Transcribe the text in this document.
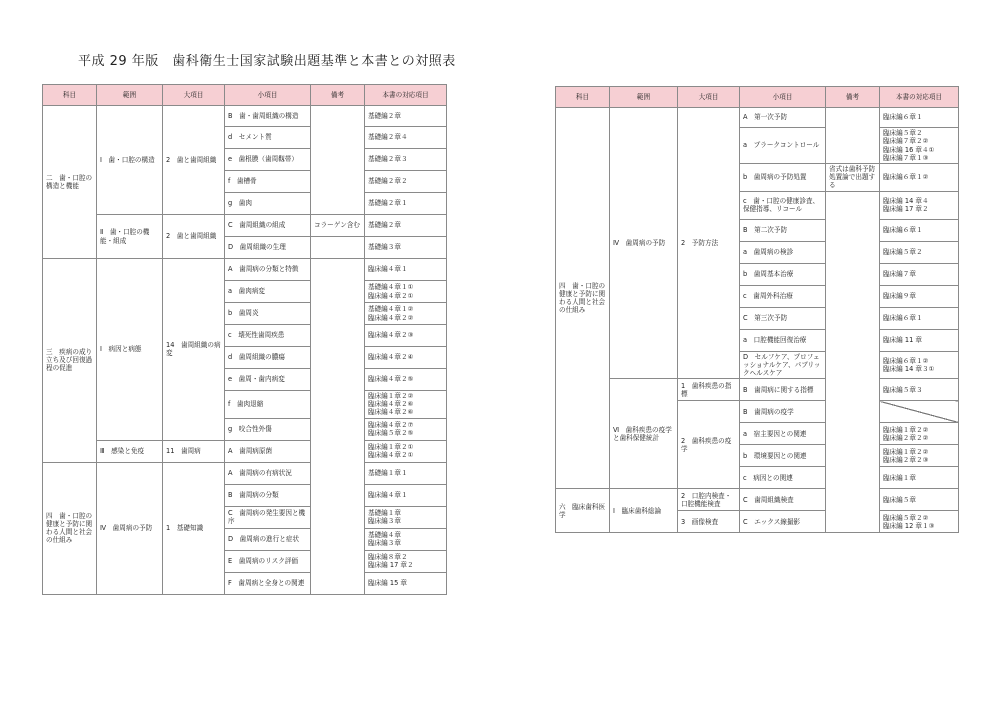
平成 29 年版　歯科衛生士国家試験出題基準と本書との対照表
科目	範囲	大項目	小項目	備考	本書の対応項目
二　歯・口腔の構造と機能	Ⅰ　歯・口腔の構造	2　歯と歯周組織	B　歯・歯周組織の構造		基礎編２章
			d　セメント質		基礎編２章４
			e　歯根膜（歯周靱帯）		基礎編２章３
			f　歯槽骨		基礎編２章２
			g　歯肉		基礎編２章１
	Ⅱ　歯・口腔の機能・組成	2　歯と歯周組織	C　歯周組織の組成	コラーゲン含む	基礎編２章
			D　歯周組織の生理		基礎編３章
三　疾病の成り立ち及び回復過程の促進	Ⅰ　病因と病態	14　歯周組織の病変	A　歯周病の分類と特徴		臨床編４章１
			a　歯肉病変		基礎編４章１①
臨床編４章２①
			b　歯周炎		基礎編４章１②
臨床編４章２②
			c　壊死性歯周疾患		臨床編４章２③
			d　歯周組織の膿瘍		臨床編４章２④
			e　歯周・歯内病変		臨床編４章２⑤
			f　歯肉退縮		臨床編１章２②
臨床編４章２⑥
臨床編４章２⑥
			g　咬合性外傷		臨床編４章２⑦
臨床編５章２⑤
	Ⅲ　感染と免疫	11　歯周病	A　歯周病原菌		臨床編１章２①
臨床編４章２①
四　歯・口腔の健康と予防に関わる人間と社会の仕組み	Ⅳ　歯周病の予防	1　基礎知識	A　歯周病の有病状況		基礎編１章１
			B　歯周病の分類		臨床編４章１
			C　歯周病の発生要因と機序		基礎編１章
臨床編３章
			D　歯周病の進行と症状		基礎編４章
臨床編３章
			E　歯周病のリスク評価		臨床編８章２
臨床編 17 章２
			F　歯周病と全身との関連		臨床編 15 章
科目	範囲	大項目	小項目	備考	本書の対応項目
四　歯・口腔の健康と予防に関わる人間と社会の仕組み	Ⅳ　歯周病の予防	2　予防方法	A　第一次予防		臨床編６章１
			a　プラークコントロール		臨床編５章２
臨床編７章２②
臨床編 16 章４①
臨床編７章１③
			b　歯周病の予防処置	省式は歯科予防処置論で出題する	臨床編６章１②
			c　歯・口腔の健康診査、保健指導、リコール		臨床編 14 章４
臨床編 17 章２
			B　第二次予防		臨床編６章１
			a　歯周病の検診		臨床編５章２
			b　歯周基本治療		臨床編７章
			c　歯周外科治療		臨床編９章
			C　第三次予防		臨床編６章１
			a　口腔機能回復治療		臨床編 11 章
			D　セルフケア、プロフェッショナルケア、パブリックヘルスケア		臨床編６章１②
臨床編 14 章３①
	Ⅵ　歯科疾患の疫学と歯科保健統計	1　歯科疾患の指標	B　歯周病に関する指標		臨床編５章３
		2　歯科疾患の疫学	B　歯周病の疫学		
			a　宿主要因との関連		臨床編１章２②
臨床編２章２②
			b　環境要因との関連		臨床編１章２②
臨床編２章２③
			c　病因との関連		臨床編１章
六　臨床歯科医学	Ⅰ　臨床歯科総論	2　口腔内検査・口腔機能検査	C　歯周組織検査		臨床編５章
		3　画像検査	C　エックス線撮影		臨床編５章２②
臨床編 12 章１③
